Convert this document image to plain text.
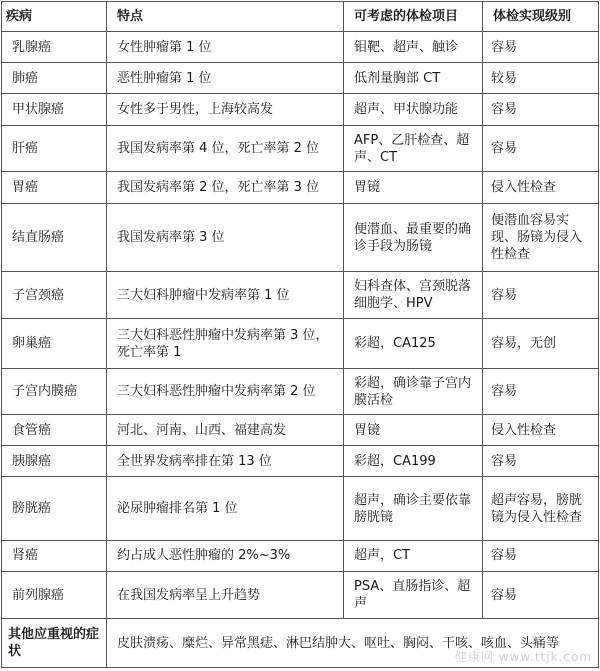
疾病	特点	可考虑的体检项目	体检实现级别
乳腺癌	女性肿瘤第 1 位	钼靶、超声、触诊	容易
肺癌	恶性肿瘤第 1 位	低剂量胸部 CT	较易
甲状腺癌	女性多于男性，上海较高发	超声、甲状腺功能	容易
肝癌	我国发病率第 4 位，死亡率第 2 位	AFP、乙肝检查、超声、CT	容易
胃癌	我国发病率第 2 位，死亡率第 3 位	胃镜	侵入性检查
结直肠癌	我国发病率第 3 位	便潜血、最重要的确诊手段为肠镜	便潜血容易实现、肠镜为侵入性检查
子宫颈癌	三大妇科肿瘤中发病率第 1 位	妇科查体、宫颈脱落细胞学、HPV	容易
卵巢癌	三大妇科恶性肿瘤中发病率第 3 位，死亡率第 1	彩超，CA125	容易，无创
子宫内膜癌	三大妇科恶性肿瘤中发病率第 2 位	彩超，确诊靠子宫内膜活检	容易
食管癌	河北、河南、山西、福建高发	胃镜	侵入性检查
胰腺癌	全世界发病率排在第 13 位	彩超，CA199	容易
膀胱癌	泌尿肿瘤排名第 1 位	超声，确诊主要依靠膀胱镜	超声容易，膀胱镜为侵入性检查
肾癌	约占成人恶性肿瘤的 2%~3%	超声，CT	容易
前列腺癌	在我国发病率呈上升趋势	PSA、直肠指诊、超声	容易
其他应重视的症状	皮肤溃疡、糜烂、异常黑痣、淋巴结肿大、呕吐、胸闷、干咳、咳血、头痛等		
健康网 www.ttjk.com
